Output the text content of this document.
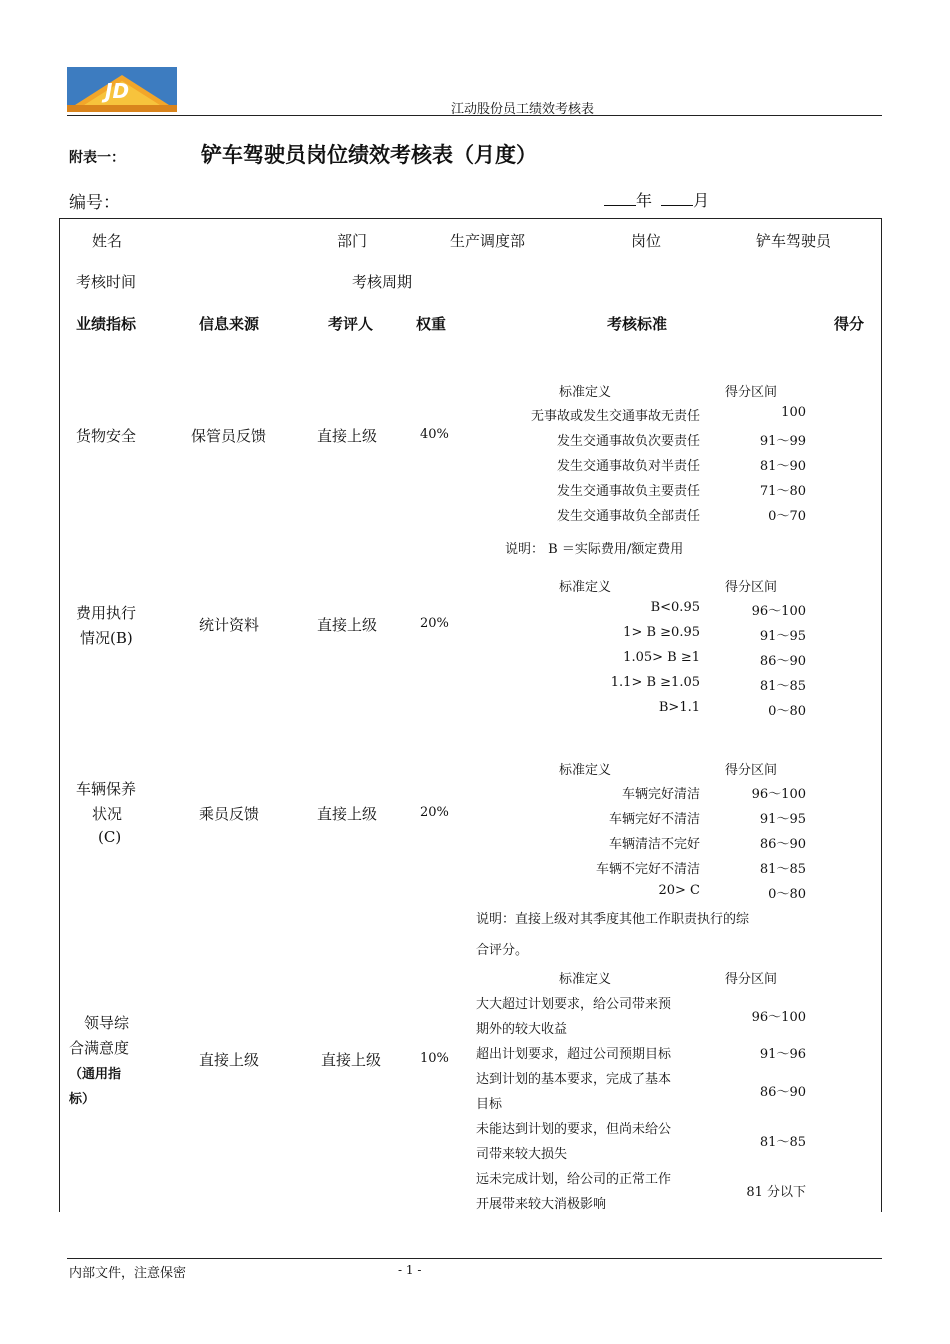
JD
江动股份员工绩效考核表
附表一：	铲车驾驶员岗位绩效考核表（月度）
编号：	年	月
姓名	部门	生产调度部	岗位	铲车驾驶员
考核时间	考核周期
业绩指标	信息来源	考评人	权重	考核标准	得分
货物安全	保管员反馈	直接上级	40%
标准定义	得分区间
无事故或发生交通事故无责任	100
发生交通事故负次要责任	91～99
发生交通事故负对半责任	81～90
发生交通事故负主要责任	71～80
发生交通事故负全部责任	0～70
费用执行
情况(B)
统计资料	直接上级	20%
说明： B ＝实际费用/额定费用
标准定义	得分区间
B<0.95	96～100
1> B ≥0.95	91～95
1.05> B ≥1	86～90
1.1> B ≥1.05	81～85
B>1.1	0～80
车辆保养
状况
(C)
乘员反馈	直接上级	20%
标准定义	得分区间
车辆完好清洁	96～100
车辆完好不清洁	91～95
车辆清洁不完好	86～90
车辆不完好不清洁	81～85
20> C	0～80
领导综
合满意度
（通用指
标）
直接上级	直接上级	10%
说明：直接上级对其季度其他工作职责执行的综
合评分。
标准定义	得分区间
大大超过计划要求，给公司带来预
期外的较大收益
96～100
超出计划要求，超过公司预期目标	91～96
达到计划的基本要求，完成了基本
目标
86～90
未能达到计划的要求，但尚未给公
司带来较大损失
81～85
远未完成计划，给公司的正常工作
开展带来较大消极影响
81 分以下
内部文件，注意保密	- 1 -
